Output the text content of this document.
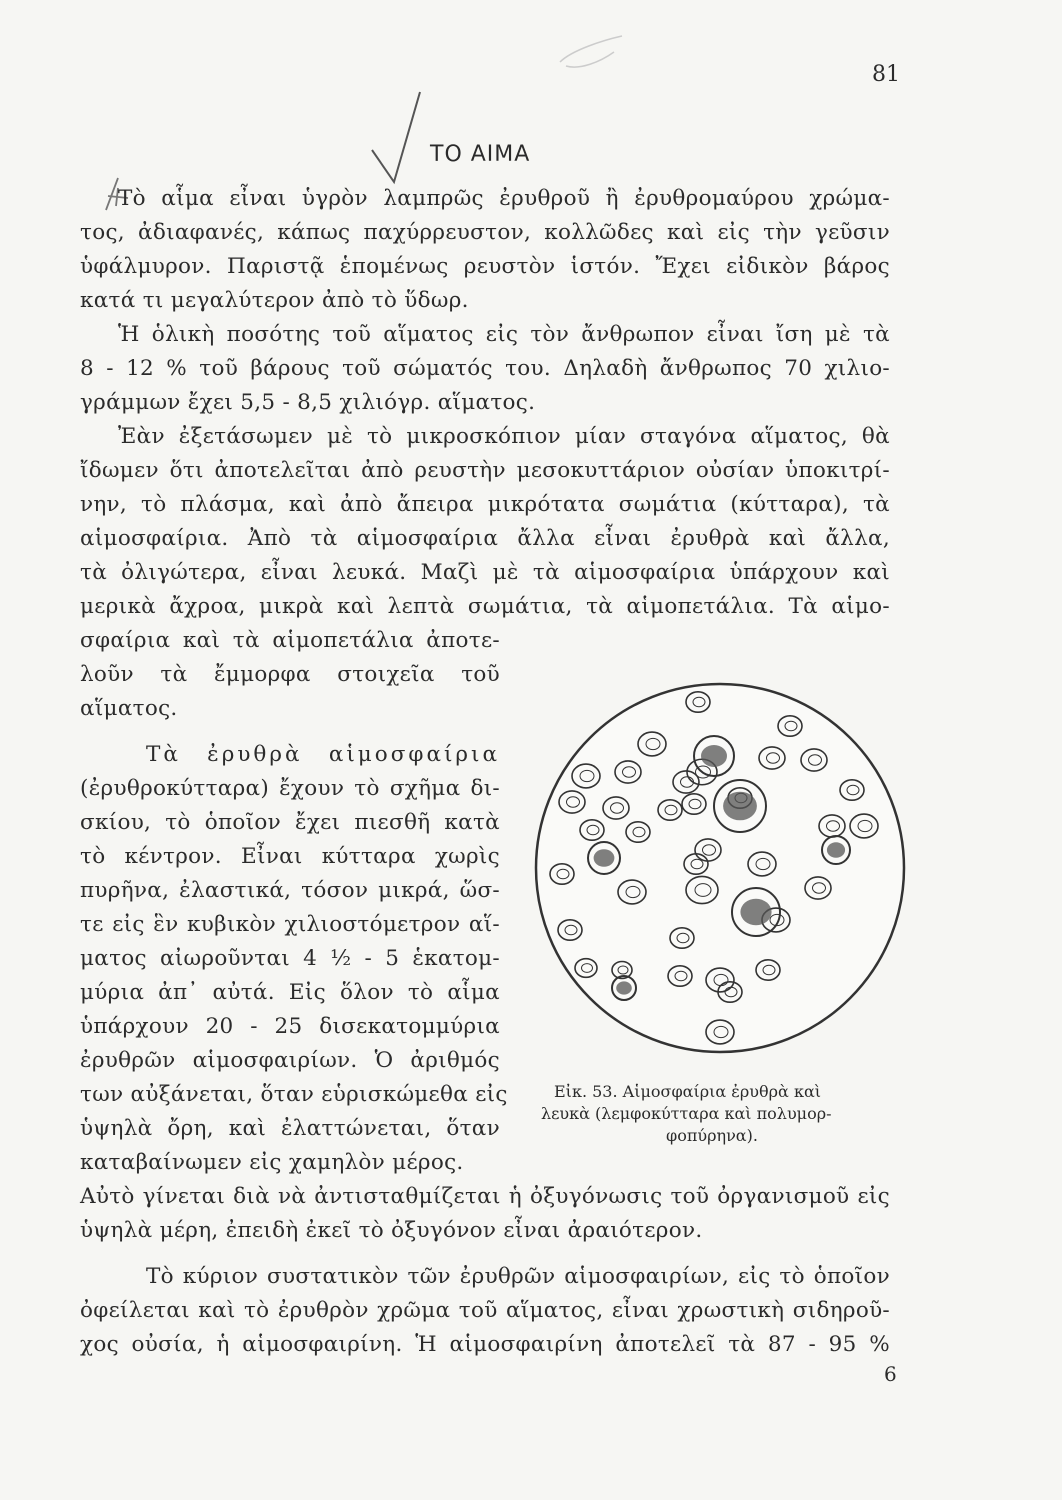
81
ΤΟ ΑΙΜΑ
Τὸ αἷμα εἶναι ὑγρὸν λαμπρῶς ἐρυθροῦ ἢ ἐρυθρομαύρου χρώμα-
τος, ἀδιαφανές, κάπως παχύρρευστον, κολλῶδες καὶ εἰς τὴν γεῦσιν
ὑφάλμυρον. Παριστᾷ ἑπομένως ρευστὸν ἱστόν. Ἔχει εἰδικὸν βάρος
κατά τι μεγαλύτερον ἀπὸ τὸ ὕδωρ.
Ἡ ὁλικὴ ποσότης τοῦ αἵματος εἰς τὸν ἄνθρωπον εἶναι ἴση μὲ τὰ
8 - 12 % τοῦ βάρους τοῦ σώματός του. Δηλαδὴ ἄνθρωπος 70 χιλιο-
γράμμων ἔχει 5,5 - 8,5 χιλιόγρ. αἵματος.
Ἐὰν ἐξετάσωμεν μὲ τὸ μικροσκόπιον μίαν σταγόνα αἵματος, θὰ
ἴδωμεν ὅτι ἀποτελεῖται ἀπὸ ρευστὴν μεσοκυττάριον οὐσίαν ὑποκιτρί-
νην, τὸ πλάσμα, καὶ ἀπὸ ἄπειρα μικρότατα σωμάτια (κύτταρα), τὰ
αἱμοσφαίρια. Ἀπὸ τὰ αἱμοσφαίρια ἄλλα εἶναι ἐρυθρὰ καὶ ἄλλα,
τὰ ὀλιγώτερα, εἶναι λευκά. Μαζὶ μὲ τὰ αἱμοσφαίρια ὑπάρχουν καὶ
μερικὰ ἄχροα, μικρὰ καὶ λεπτὰ σωμάτια, τὰ αἱμοπετάλια. Τὰ αἱμο-
σφαίρια καὶ τὰ αἱμοπετάλια ἀποτε-
λοῦν τὰ ἔμμορφα στοιχεῖα τοῦ
αἵματος.
Τὰ ἐρυθρὰ αἱμοσφαίρια
(ἐρυθροκύτταρα) ἔχουν τὸ σχῆμα δι-
σκίου, τὸ ὁποῖον ἔχει πιεσθῆ κατὰ
τὸ κέντρον. Εἶναι κύτταρα χωρὶς
πυρῆνα, ἐλαστικά, τόσον μικρά, ὥσ-
τε εἰς ἓν κυβικὸν χιλιοστόμετρον αἵ-
ματος αἰωροῦνται 4 ½ - 5 ἑκατομ-
μύρια ἀπ᾽ αὐτά. Εἰς ὅλον τὸ αἷμα
ὑπάρχουν 20 - 25 δισεκατομμύρια
ἐρυθρῶν αἱμοσφαιρίων. Ὁ ἀριθμός
των αὐξάνεται, ὅταν εὑρισκώμεθα εἰς
ὑψηλὰ ὄρη, καὶ ἐλαττώνεται, ὅταν
καταβαίνωμεν εἰς χαμηλὸν μέρος.
Αὐτὸ γίνεται διὰ νὰ ἀντισταθμίζεται ἡ ὀξυγόνωσις τοῦ ὀργανισμοῦ εἰς
ὑψηλὰ μέρη, ἐπειδὴ ἐκεῖ τὸ ὀξυγόνον εἶναι ἀραιότερον.
Τὸ κύριον συστατικὸν τῶν ἐρυθρῶν αἱμοσφαιρίων, εἰς τὸ ὁποῖον
ὀφείλεται καὶ τὸ ἐρυθρὸν χρῶμα τοῦ αἵματος, εἶναι χρωστικὴ σιδηροῦ-
χος οὐσία, ἡ αἱμοσφαιρίνη. Ἡ αἱμοσφαιρίνη ἀποτελεῖ τὰ 87 - 95 %
6
Εἰκ. 53. Αἱμοσφαίρια ἐρυθρὰ καὶ
λευκὰ (λεμφοκύτταρα καὶ πολυμορ-
φοπύρηνα).
